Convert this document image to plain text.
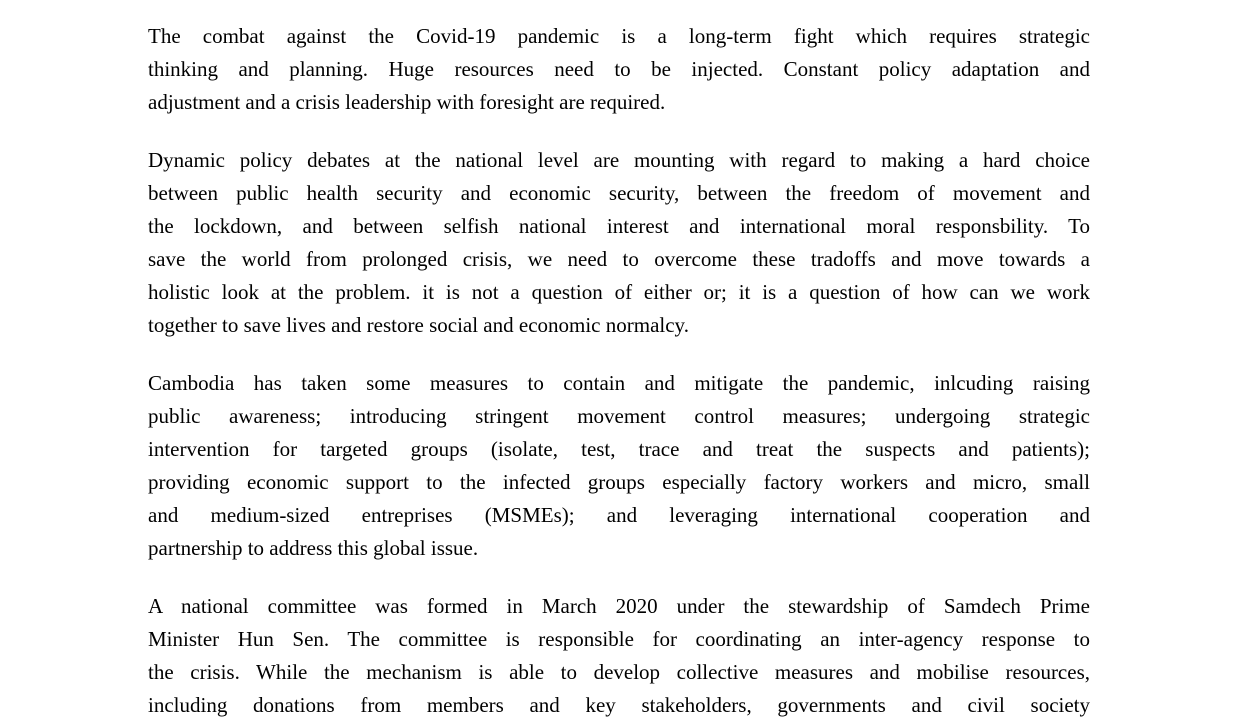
The combat against the Covid-19 pandemic is a long-term fight which requires strategic
thinking and planning. Huge resources need to be injected. Constant policy adaptation and
adjustment and a crisis leadership with foresight are required.
Dynamic policy debates at the national level are mounting with regard to making a hard choice
between public health security and economic security, between the freedom of movement and
the lockdown, and between selfish national interest and international moral responsbility. To
save the world from prolonged crisis, we need to overcome these tradoffs and move towards a
holistic look at the problem. it is not a question of either or; it is a question of how can we work
together to save lives and restore social and economic normalcy.
Cambodia has taken some measures to contain and mitigate the pandemic, inlcuding raising
public awareness; introducing stringent movement control measures; undergoing strategic
intervention for targeted groups (isolate, test, trace and treat the suspects and patients);
providing economic support to the infected groups especially factory workers and micro, small
and medium-sized entreprises (MSMEs); and leveraging international cooperation and
partnership to address this global issue.
A national committee was formed in March 2020 under the stewardship of Samdech Prime
Minister Hun Sen. The committee is responsible for coordinating an inter-agency response to
the crisis. While the mechanism is able to develop collective measures and mobilise resources,
including donations from members and key stakeholders, governments and civil society
